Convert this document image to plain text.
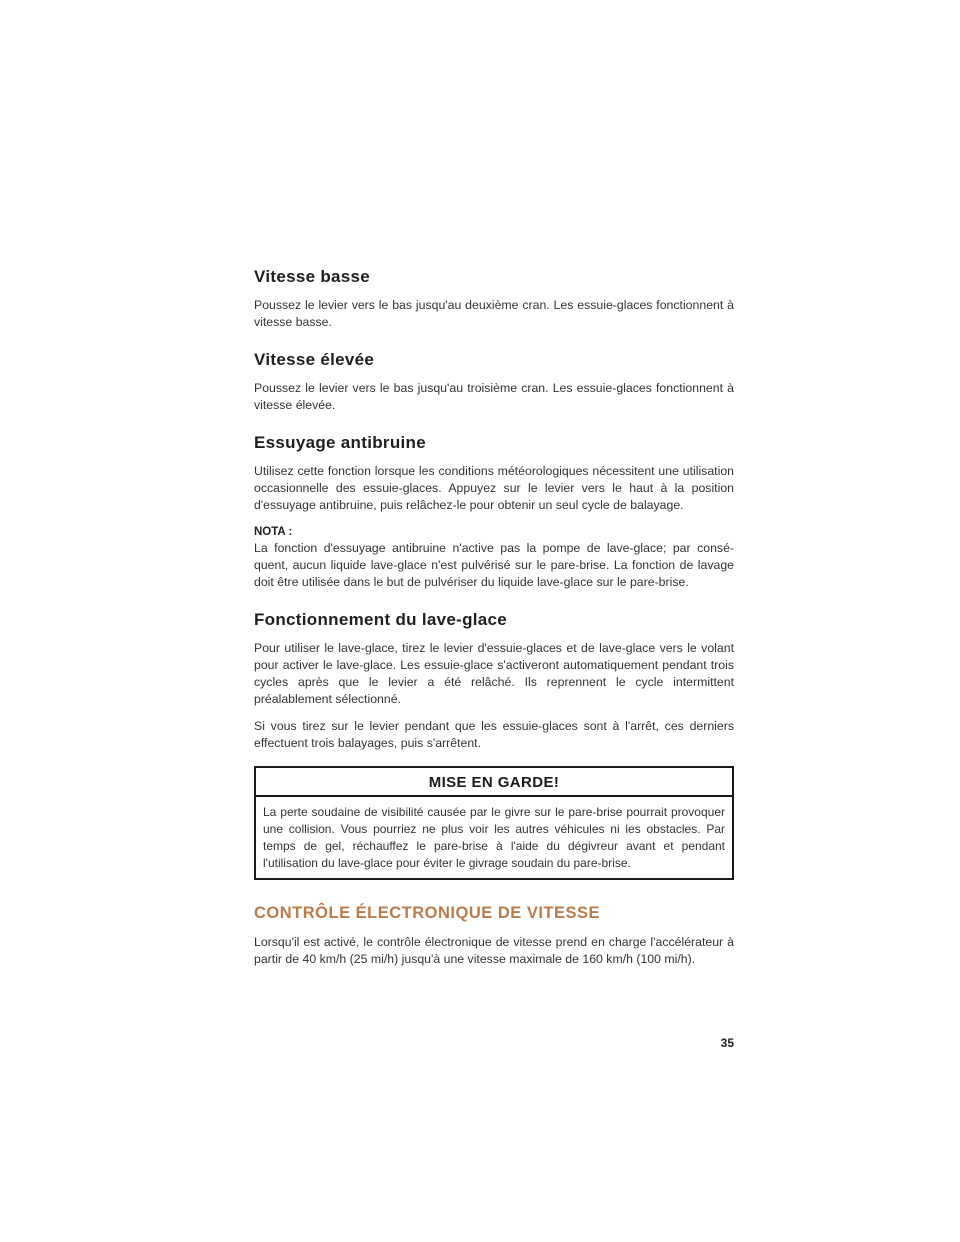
Vitesse basse

Poussez le levier vers le bas jusqu'au deuxième cran. Les essuie-glaces fonctionnent à vitesse basse.

Vitesse élevée

Poussez le levier vers le bas jusqu'au troisième cran. Les essuie-glaces fonctionnent à vitesse élevée.

Essuyage antibruine

Utilisez cette fonction lorsque les conditions météorologiques nécessitent une utilisation occasionnelle des essuie-glaces. Appuyez sur le levier vers le haut à la position d'essuyage antibruine, puis relâchez-le pour obtenir un seul cycle de balayage.

NOTA :

La fonction d'essuyage antibruine n'active pas la pompe de lave-glace; par consé-quent, aucun liquide lave-glace n'est pulvérisé sur le pare-brise. La fonction de lavage doit être utilisée dans le but de pulvériser du liquide lave-glace sur le pare-brise.

Fonctionnement du lave-glace

Pour utiliser le lave-glace, tirez le levier d'essuie-glaces et de lave-glace vers le volant pour activer le lave-glace. Les essuie-glace s'activeront automatiquement pendant trois cycles après que le levier a été relâché. Ils reprennent le cycle intermittent préalablement sélectionné.

Si vous tirez sur le levier pendant que les essuie-glaces sont à l'arrêt, ces derniers effectuent trois balayages, puis s'arrêtent.

MISE EN GARDE!

La perte soudaine de visibilité causée par le givre sur le pare-brise pourrait provoquer une collision. Vous pourriez ne plus voir les autres véhicules ni les obstacles. Par temps de gel, réchauffez le pare-brise à l'aide du dégivreur avant et pendant l'utilisation du lave-glace pour éviter le givrage soudain du pare-brise.

CONTRÔLE ÉLECTRONIQUE DE VITESSE

Lorsqu'il est activé, le contrôle électronique de vitesse prend en charge l'accélérateur à partir de 40 km/h (25 mi/h) jusqu'à une vitesse maximale de 160 km/h (100 mi/h).

35
